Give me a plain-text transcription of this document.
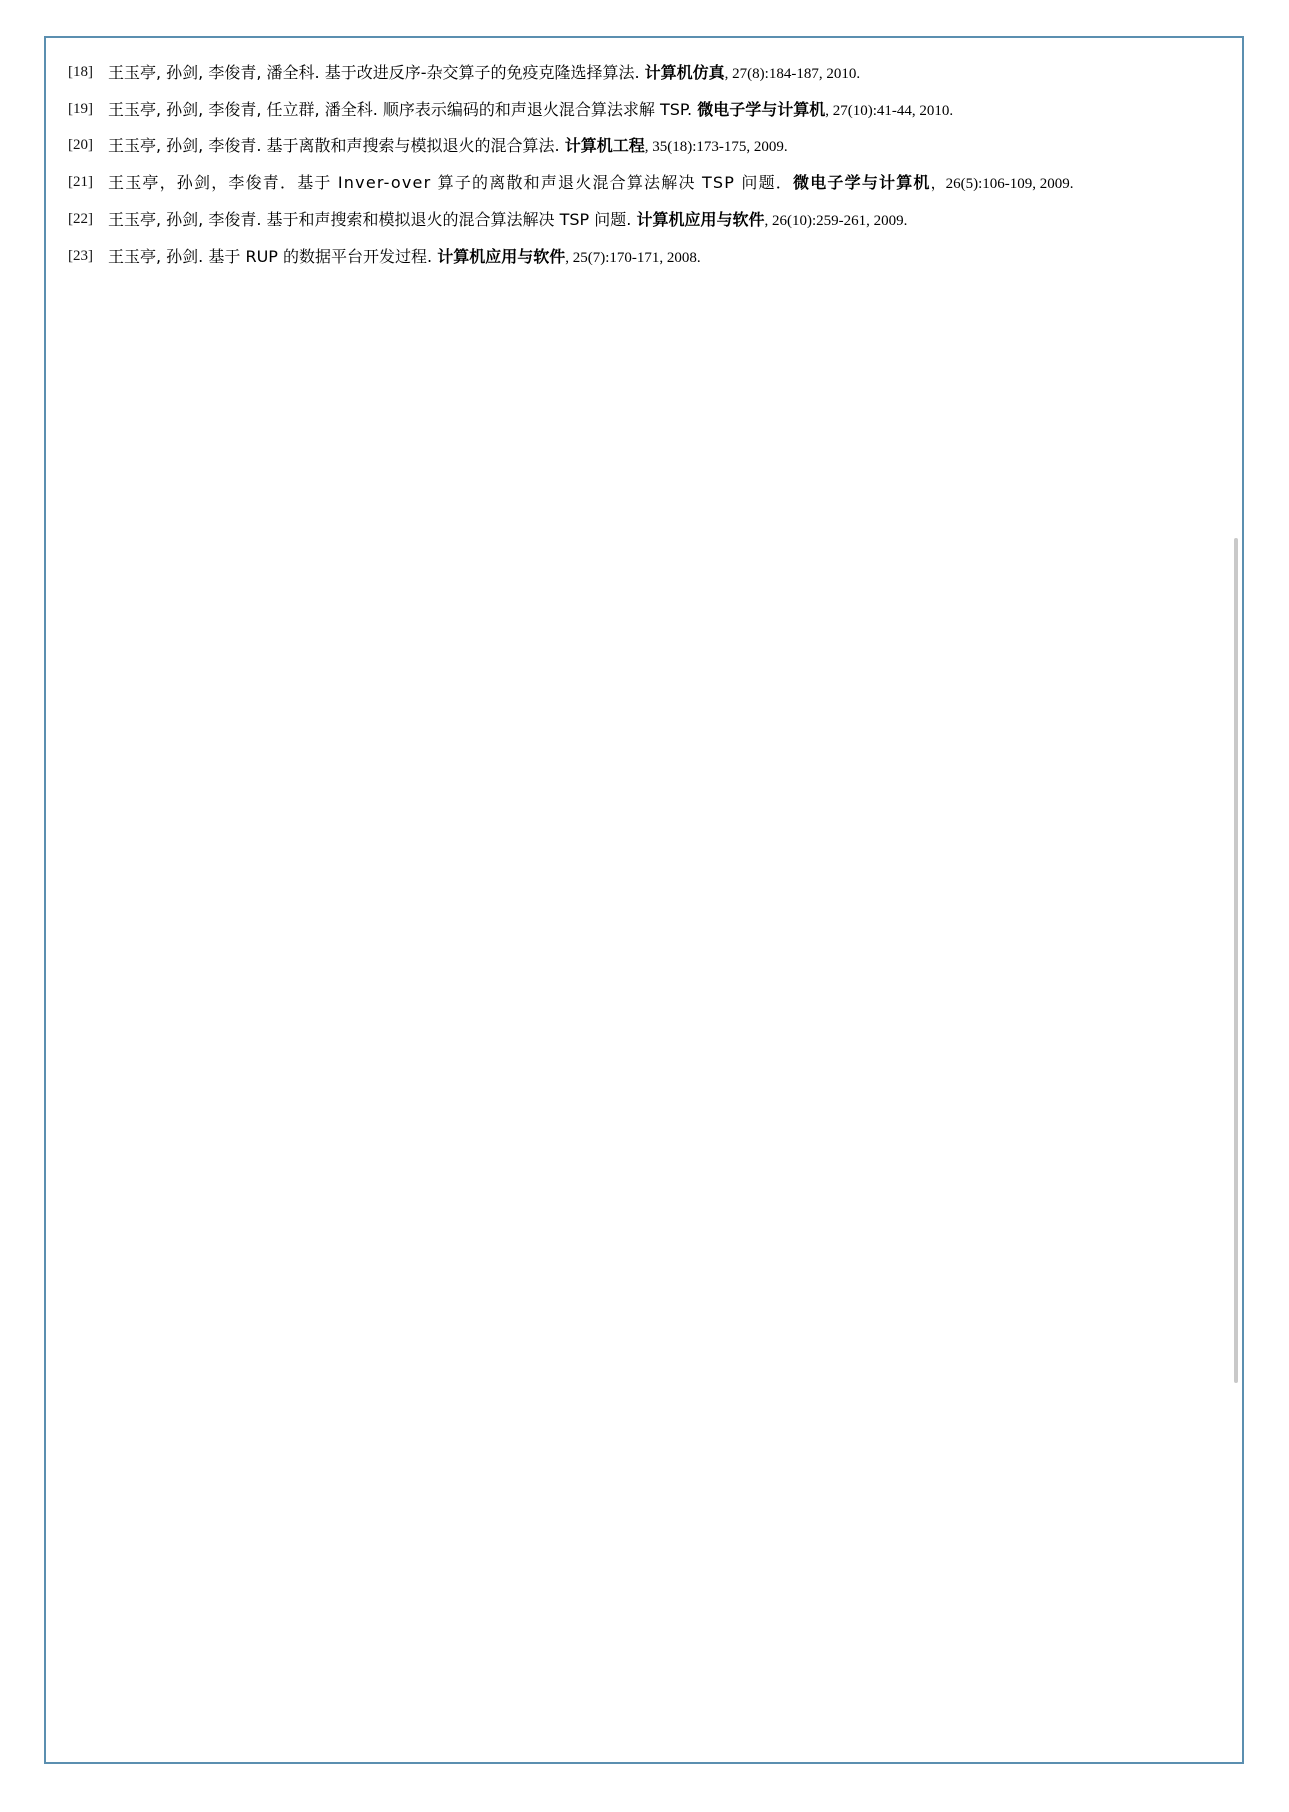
[18] 王玉亭, 孙剑, 李俊青, 潘全科. 基于改进反序-杂交算子的免疫克隆选择算法. 计算机仿真, 27(8):184-187, 2010.
[19] 王玉亭, 孙剑, 李俊青, 任立群, 潘全科. 顺序表示编码的和声退火混合算法求解 TSP. 微电子学与计算机, 27(10):41-44, 2010.
[20] 王玉亭, 孙剑, 李俊青. 基于离散和声搜索与模拟退火的混合算法. 计算机工程, 35(18):173-175, 2009.
[21] 王玉亭，孙剑，李俊青．基于 Inver-over 算子的离散和声退火混合算法解决 TSP 问题．微电子学与计算机，26(5):106-109, 2009.
[22] 王玉亭, 孙剑, 李俊青. 基于和声搜索和模拟退火的混合算法解决 TSP 问题. 计算机应用与软件, 26(10):259-261, 2009.
[23] 王玉亭, 孙剑. 基于 RUP 的数据平台开发过程. 计算机应用与软件, 25(7):170-171, 2008.
